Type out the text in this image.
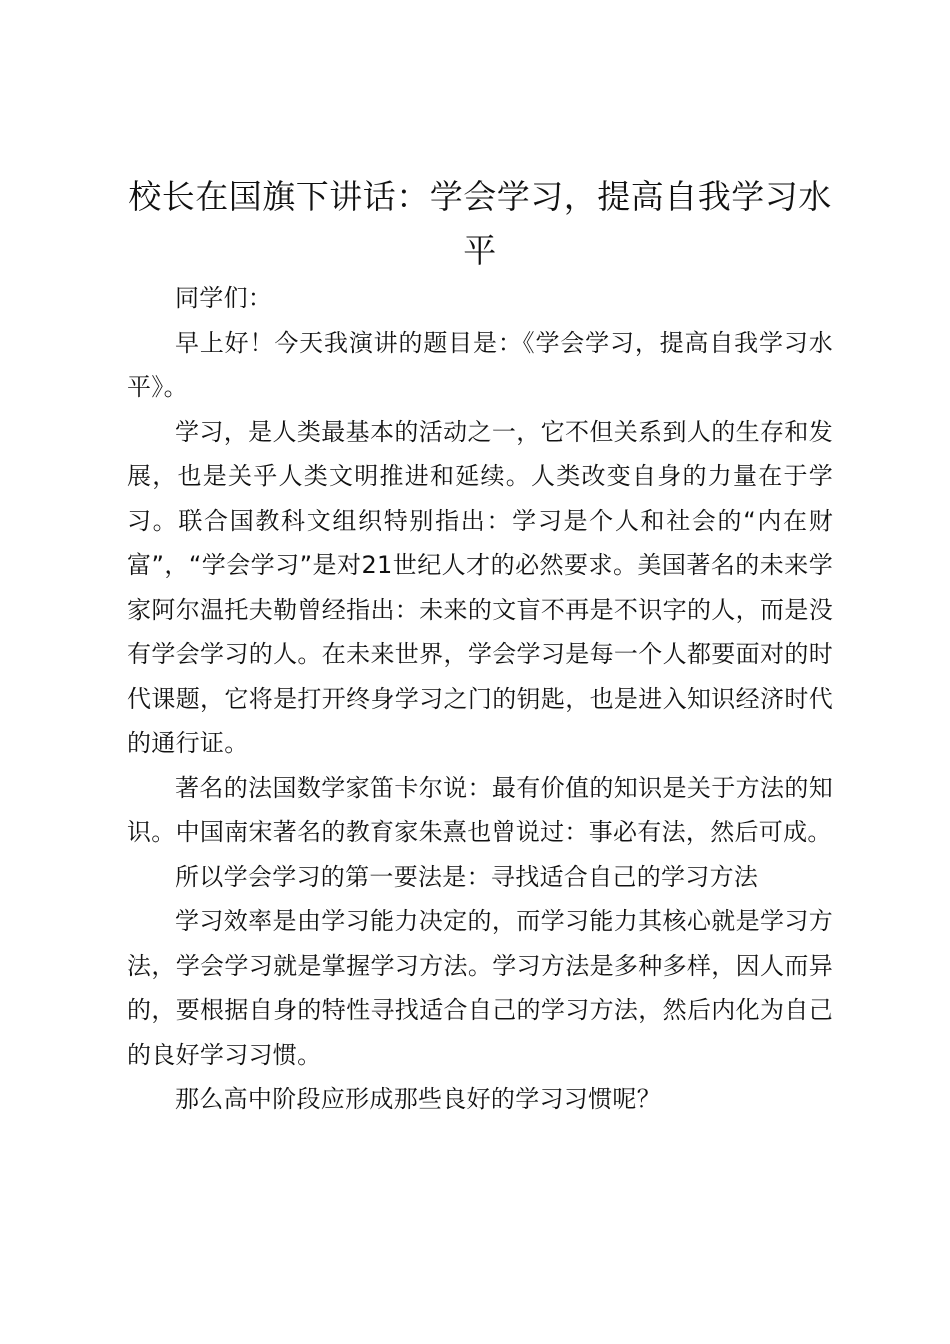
校长在国旗下讲话：学会学习，提高自我学习水平

同学们：

早上好！今天我演讲的题目是：《学会学习，提高自我学习水平》。

学习，是人类最基本的活动之一，它不但关系到人的生存和发展，也是关乎人类文明推进和延续。人类改变自身的力量在于学习。联合国教科文组织特别指出：学习是个人和社会的“内在财富”，“学会学习”是对21世纪人才的必然要求。美国著名的未来学家阿尔温托夫勒曾经指出：未来的文盲不再是不识字的人，而是没有学会学习的人。在未来世界，学会学习是每一个人都要面对的时代课题，它将是打开终身学习之门的钥匙，也是进入知识经济时代的通行证。

著名的法国数学家笛卡尔说：最有价值的知识是关于方法的知识。中国南宋著名的教育家朱熹也曾说过：事必有法，然后可成。

所以学会学习的第一要法是：寻找适合自己的学习方法

学习效率是由学习能力决定的，而学习能力其核心就是学习方法，学会学习就是掌握学习方法。学习方法是多种多样，因人而异的，要根据自身的特性寻找适合自己的学习方法，然后内化为自己的良好学习习惯。

那么高中阶段应形成那些良好的学习习惯呢？
